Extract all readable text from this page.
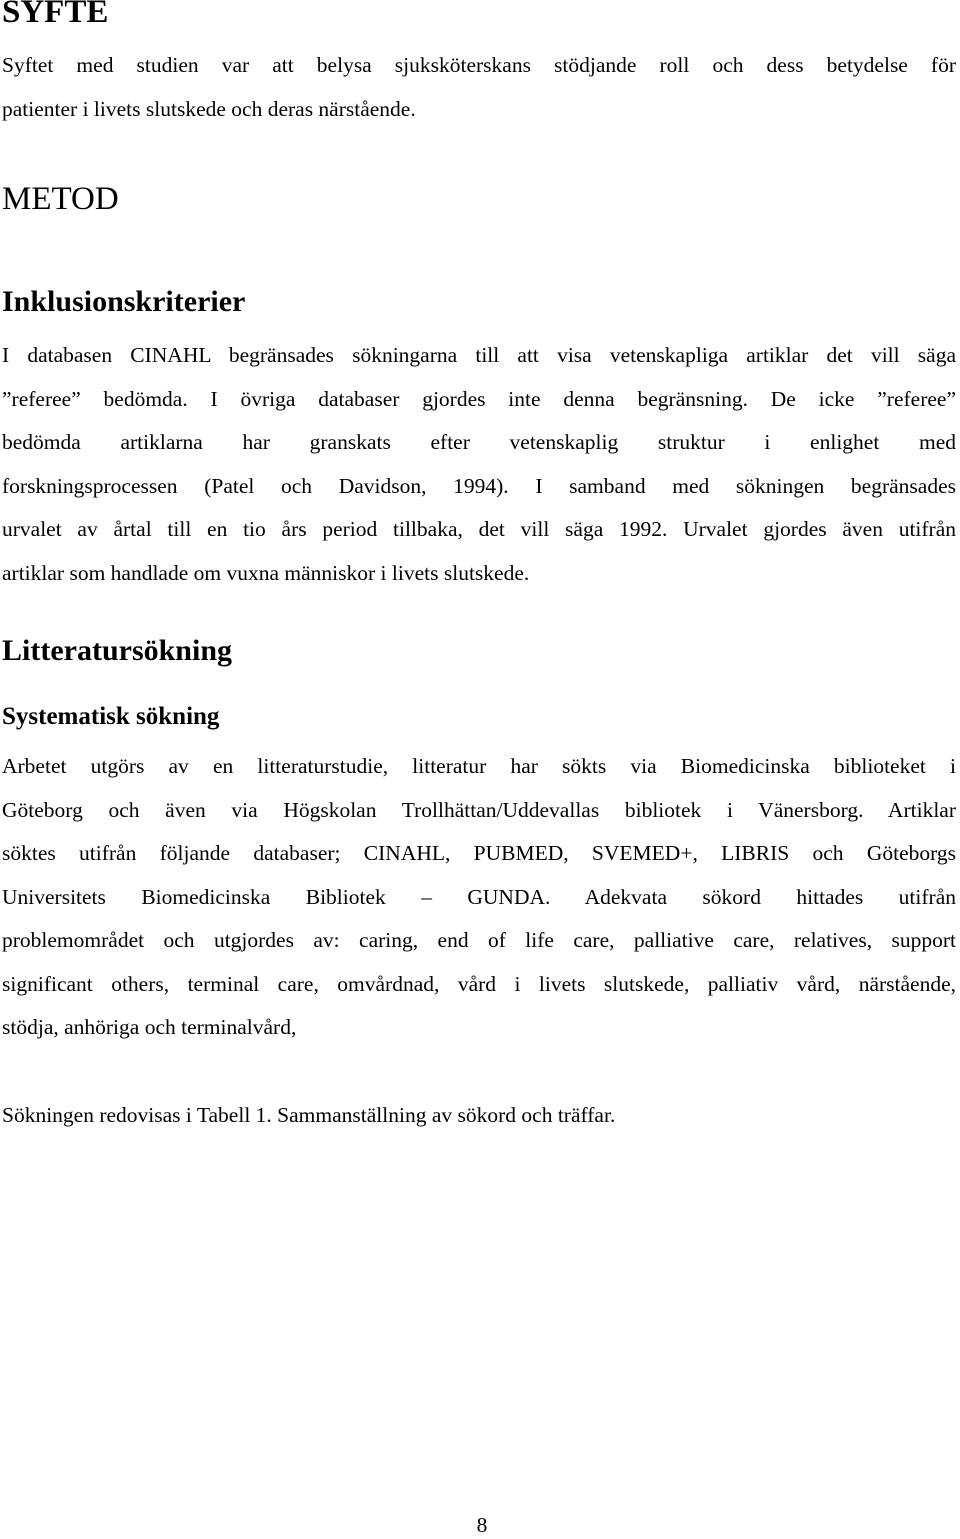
SYFTE
Syftet med studien var att belysa sjuksköterskans stödjande roll och dess betydelse för
patienter i livets slutskede och deras närstående.
METOD
Inklusionskriterier
I databasen CINAHL begränsades sökningarna till att visa vetenskapliga artiklar det vill säga
”referee” bedömda. I övriga databaser gjordes inte denna begränsning. De icke ”referee”
bedömda artiklarna har granskats efter vetenskaplig struktur i enlighet med
forskningsprocessen (Patel och Davidson, 1994). I samband med sökningen begränsades
urvalet av årtal till en tio års period tillbaka, det vill säga 1992. Urvalet gjordes även utifrån
artiklar som handlade om vuxna människor i livets slutskede.
Litteratursökning
Systematisk sökning
Arbetet utgörs av en litteraturstudie, litteratur har sökts via Biomedicinska biblioteket i
Göteborg och även via Högskolan Trollhättan/Uddevallas bibliotek i Vänersborg. Artiklar
söktes utifrån följande databaser; CINAHL, PUBMED, SVEMED+, LIBRIS och Göteborgs
Universitets Biomedicinska Bibliotek – GUNDA. Adekvata sökord hittades utifrån
problemområdet och utgjordes av: caring, end of life care, palliative care, relatives, support
significant others, terminal care, omvårdnad, vård i livets slutskede, palliativ vård, närstående,
stödja, anhöriga och terminalvård,
Sökningen redovisas i Tabell 1. Sammanställning av sökord och träffar.
8
